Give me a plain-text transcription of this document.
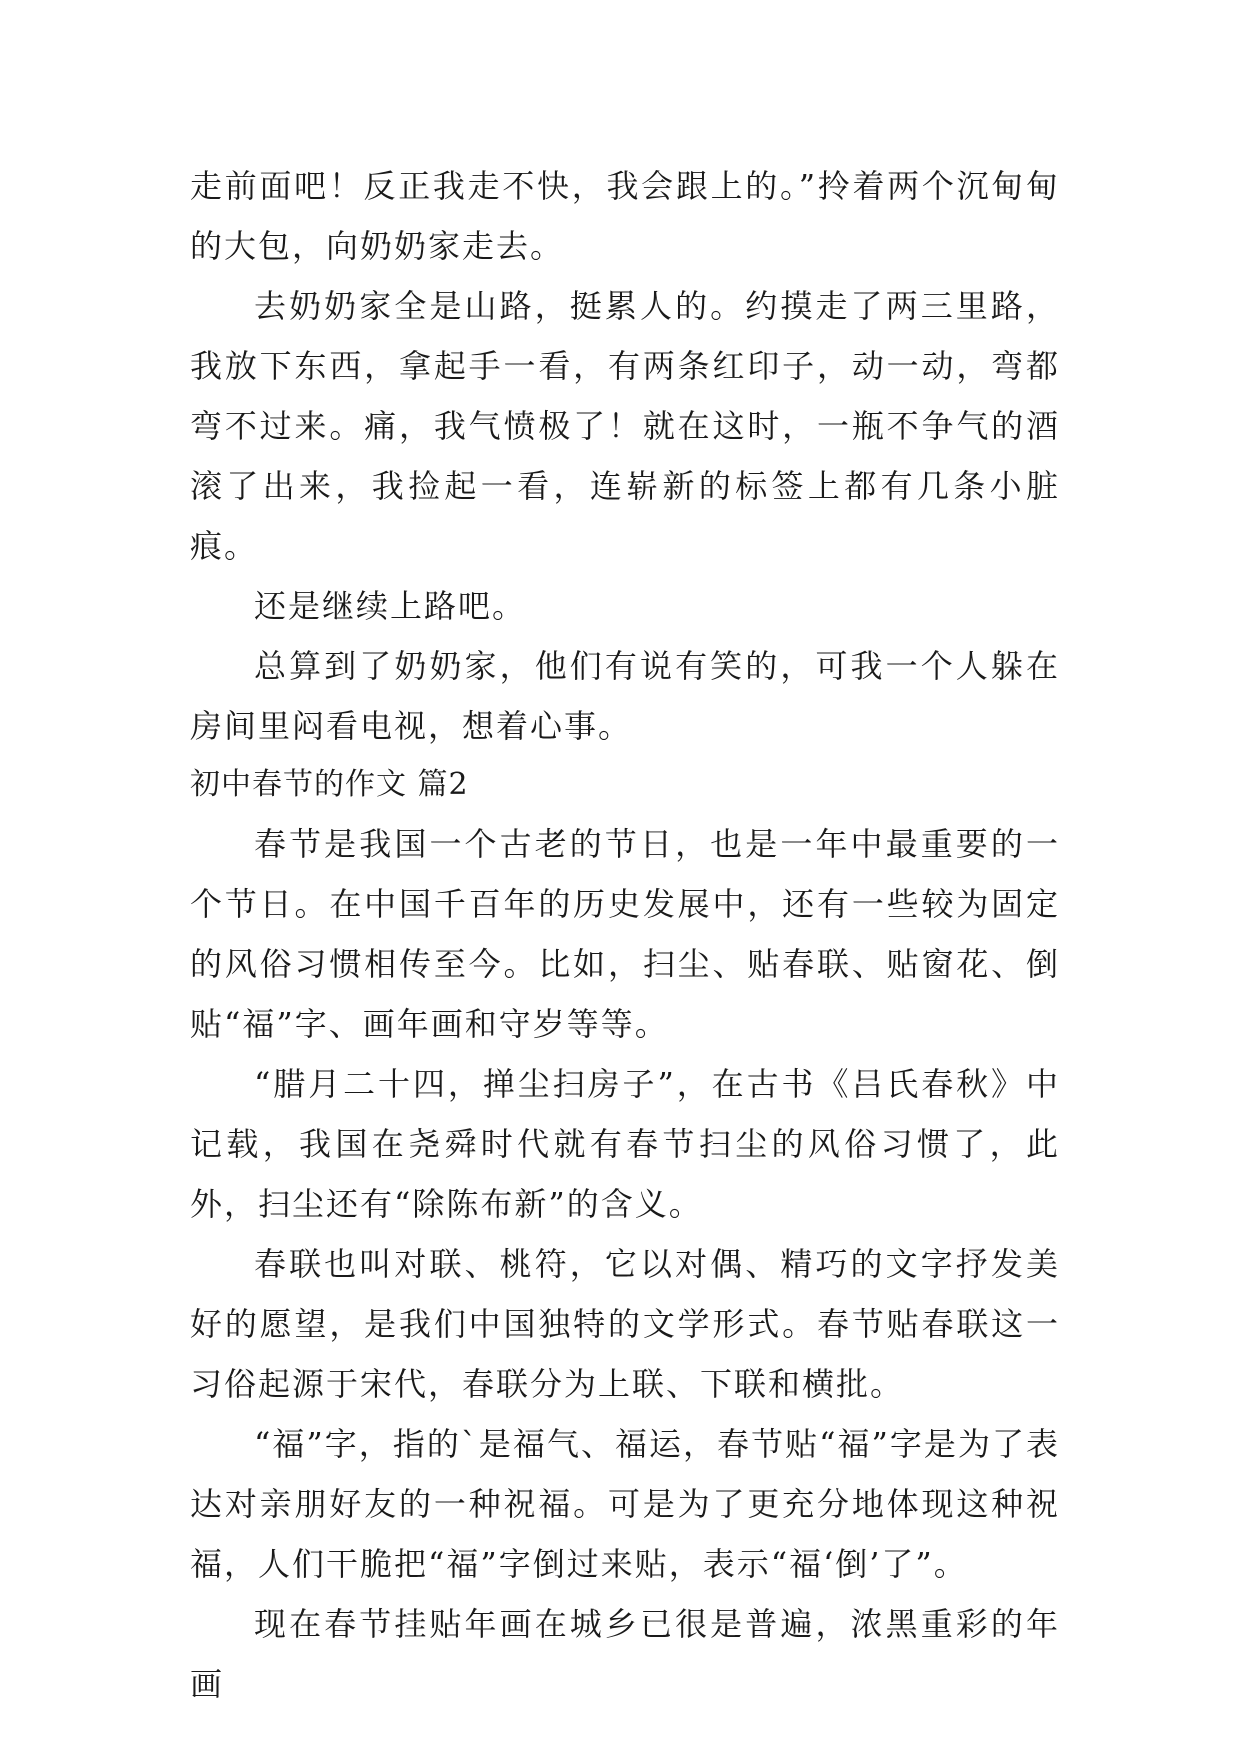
走前面吧！反正我走不快，我会跟上的。”拎着两个沉甸甸的大包，向奶奶家走去。

去奶奶家全是山路，挺累人的。约摸走了两三里路，我放下东西，拿起手一看，有两条红印子，动一动，弯都弯不过来。痛，我气愤极了！就在这时，一瓶不争气的酒滚了出来，我捡起一看，连崭新的标签上都有几条小脏痕。

还是继续上路吧。

总算到了奶奶家，他们有说有笑的，可我一个人躲在房间里闷看电视，想着心事。

初中春节的作文 篇2

春节是我国一个古老的节日，也是一年中最重要的一个节日。在中国千百年的历史发展中，还有一些较为固定的风俗习惯相传至今。比如，扫尘、贴春联、贴窗花、倒贴“福”字、画年画和守岁等等。

“腊月二十四，掸尘扫房子”，在古书《吕氏春秋》中记载，我国在尧舜时代就有春节扫尘的风俗习惯了，此外，扫尘还有“除陈布新”的含义。

春联也叫对联、桃符，它以对偶、精巧的文字抒发美好的愿望，是我们中国独特的文学形式。春节贴春联这一习俗起源于宋代，春联分为上联、下联和横批。

“福”字，指的`是福气、福运，春节贴“福”字是为了表达对亲朋好友的一种祝福。可是为了更充分地体现这种祝福，人们干脆把“福”字倒过来贴，表示“福‘倒’了”。

现在春节挂贴年画在城乡已很是普遍，浓黑重彩的年画
